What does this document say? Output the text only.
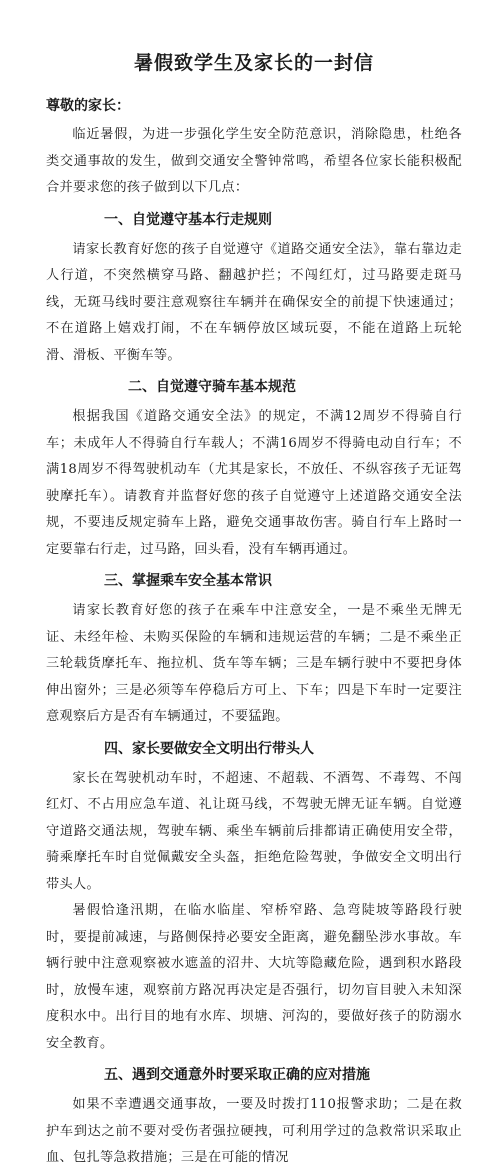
暑假致学生及家长的一封信
尊敬的家长：

临近暑假，为进一步强化学生安全防范意识，消除隐患，杜绝各类交通事故的发生，做到交通安全警钟常鸣，希望各位家长能积极配合并要求您的孩子做到以下几点：

一、自觉遵守基本行走规则

请家长教育好您的孩子自觉遵守《道路交通安全法》，靠右靠边走人行道，不突然横穿马路、翻越护拦；不闯红灯，过马路要走斑马线，无斑马线时要注意观察往车辆并在确保安全的前提下快速通过；不在道路上嬉戏打闹，不在车辆停放区域玩耍，不能在道路上玩轮滑、滑板、平衡车等。

二、自觉遵守骑车基本规范

根据我国《道路交通安全法》的规定，不满12周岁不得骑自行车；未成年人不得骑自行车载人；不满16周岁不得骑电动自行车；不满18周岁不得驾驶机动车（尤其是家长，不放任、不纵容孩子无证驾驶摩托车）。请教育并监督好您的孩子自觉遵守上述道路交通安全法规，不要违反规定骑车上路，避免交通事故伤害。骑自行车上路时一定要靠右行走，过马路，回头看，没有车辆再通过。

三、掌握乘车安全基本常识

请家长教育好您的孩子在乘车中注意安全，一是不乘坐无牌无证、未经年检、未购买保险的车辆和违规运营的车辆；二是不乘坐正三轮载货摩托车、拖拉机、货车等车辆；三是车辆行驶中不要把身体伸出窗外；三是必须等车停稳后方可上、下车；四是下车时一定要注意观察后方是否有车辆通过，不要猛跑。

四、家长要做安全文明出行带头人

家长在驾驶机动车时，不超速、不超载、不酒驾、不毒驾、不闯红灯、不占用应急车道、礼让斑马线，不驾驶无牌无证车辆。自觉遵守道路交通法规，驾驶车辆、乘坐车辆前后排都请正确使用安全带，骑乘摩托车时自觉佩戴安全头盔，拒绝危险驾驶，争做安全文明出行带头人。

暑假恰逢汛期，在临水临崖、窄桥窄路、急弯陡坡等路段行驶时，要提前减速，与路侧保持必要安全距离，避免翻坠涉水事故。车辆行驶中注意观察被水遮盖的沼井、大坑等隐藏危险，遇到积水路段时，放慢车速，观察前方路况再决定是否强行，切勿盲目驶入未知深度积水中。出行目的地有水库、坝塘、河沟的，要做好孩子的防溺水安全教育。

五、遇到交通意外时要采取正确的应对措施

如果不幸遭遇交通事故，一要及时拨打110报警求助；二是在救护车到达之前不要对受伤者强拉硬拽，可利用学过的急救常识采取止血、包扎等急救措施；三是在可能的情况
